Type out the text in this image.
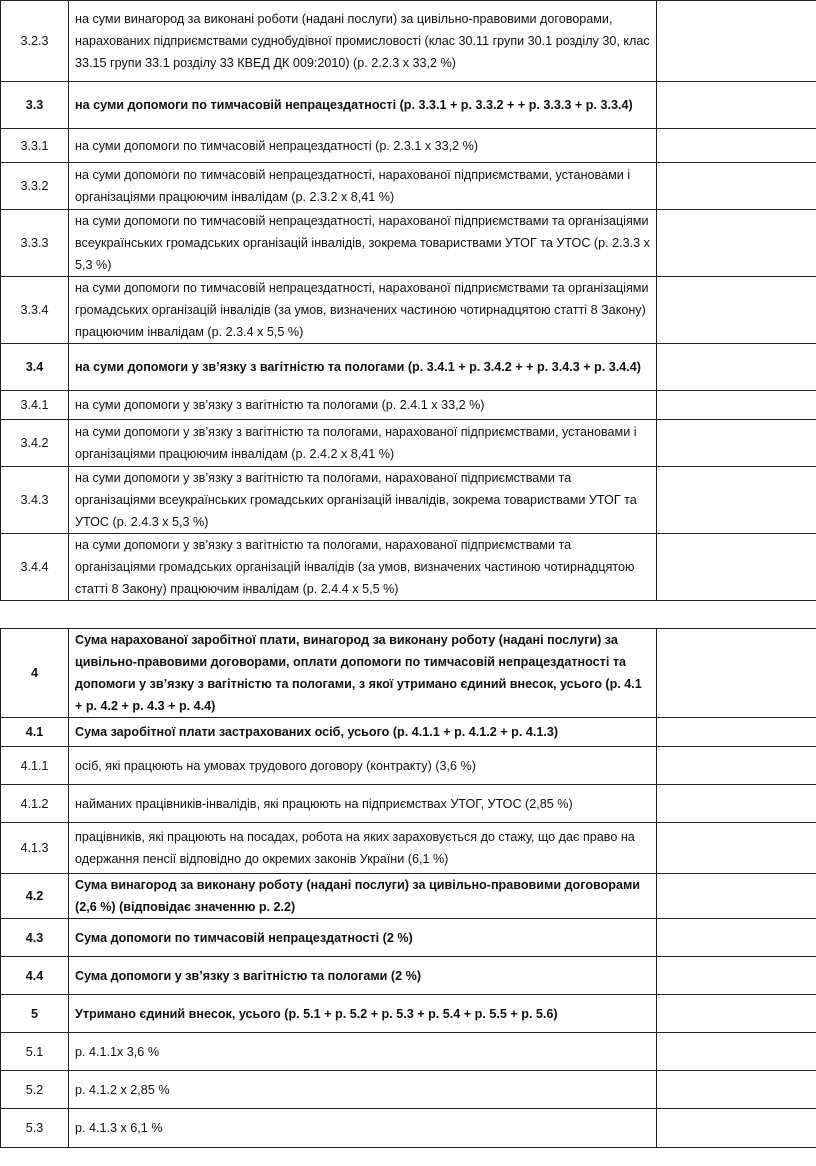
3.2.3	на суми винагород за виконані роботи (надані послуги) за цивільно-правовими договорами, нарахованих підприємствами суднобудівної промисловості (клас 30.11 групи 30.1 розділу 30, клас 33.15 групи 33.1 розділу 33 КВЕД ДК 009:2010) (р. 2.2.3 х 33,2 %)	
3.3	на суми допомоги по тимчасовій непрацездатності (р. 3.3.1 + р. 3.3.2 + + р. 3.3.3 + р. 3.3.4)	
3.3.1	на суми допомоги по тимчасовій непрацездатності (р. 2.3.1 х 33,2 %)	
3.3.2	на суми допомоги по тимчасовій непрацездатності, нарахованої підприємствами, установами і організаціями працюючим інвалідам (р. 2.3.2 х 8,41 %)	
3.3.3	на суми допомоги по тимчасовій непрацездатності, нарахованої підприємствами та організаціями всеукраїнських громадських організацій інвалідів, зокрема товариствами УТОГ та УТОС (р. 2.3.3 х 5,3 %)	
3.3.4	на суми допомоги по тимчасовій непрацездатності, нарахованої підприємствами та організаціями громадських організацій інвалідів (за умов, визначених частиною чотирнадцятою статті 8 Закону) працюючим інвалідам (р. 2.3.4 х 5,5 %)	
3.4	на суми допомоги у зв’язку з вагітністю та пологами (р. 3.4.1 + р. 3.4.2 + + р. 3.4.3 + р. 3.4.4)	
3.4.1	на суми допомоги у зв’язку з вагітністю та пологами (р. 2.4.1 х 33,2 %)	
3.4.2	на суми допомоги у зв’язку з вагітністю та пологами, нарахованої підприємствами, установами і організаціями працюючим інвалідам (р. 2.4.2 х 8,41 %)	
3.4.3	на суми допомоги у зв’язку з вагітністю та пологами, нарахованої підприємствами та організаціями всеукраїнських громадських організацій інвалідів, зокрема товариствами УТОГ та УТОС (р. 2.4.3 х 5,3 %)	
3.4.4	на суми допомоги у зв’язку з вагітністю та пологами, нарахованої підприємствами та організаціями громадських організацій інвалідів (за умов, визначених частиною чотирнадцятою статті 8 Закону) працюючим інвалідам (р. 2.4.4 х 5,5 %)	
4	Сума нарахованої заробітної плати, винагород за виконану роботу (надані послуги) за цивільно-правовими договорами, оплати допомоги по тимчасовій непрацездатності та допомоги у зв’язку з вагітністю та пологами, з якої утримано єдиний внесок, усього (р. 4.1 + р. 4.2 + р. 4.3 + р. 4.4)	
4.1	Сума заробітної плати застрахованих осіб, усього (р. 4.1.1 + р. 4.1.2 + р. 4.1.3)	
4.1.1	осіб, які працюють на умовах трудового договору (контракту) (3,6 %)	
4.1.2	найманих працівників-інвалідів, які працюють на підприємствах УТОГ, УТОС (2,85 %)	
4.1.3	працівників, які працюють на посадах, робота на яких зараховується до стажу, що дає право на одержання пенсії відповідно до окремих законів України (6,1 %)	
4.2	Сума винагород за виконану роботу (надані послуги) за цивільно-правовими договорами (2,6 %) (відповідає значенню р. 2.2)	
4.3	Сума допомоги по тимчасовій непрацездатності (2 %)	
4.4	Сума допомоги у зв’язку з вагітністю та пологами (2 %)	
5	Утримано єдиний внесок, усього (р. 5.1 + р. 5.2 + р. 5.3 + р. 5.4 + р. 5.5 + р. 5.6)	
5.1	р. 4.1.1х 3,6 %	
5.2	р. 4.1.2 х 2,85 %	
5.3	р. 4.1.3 х 6,1 %	
